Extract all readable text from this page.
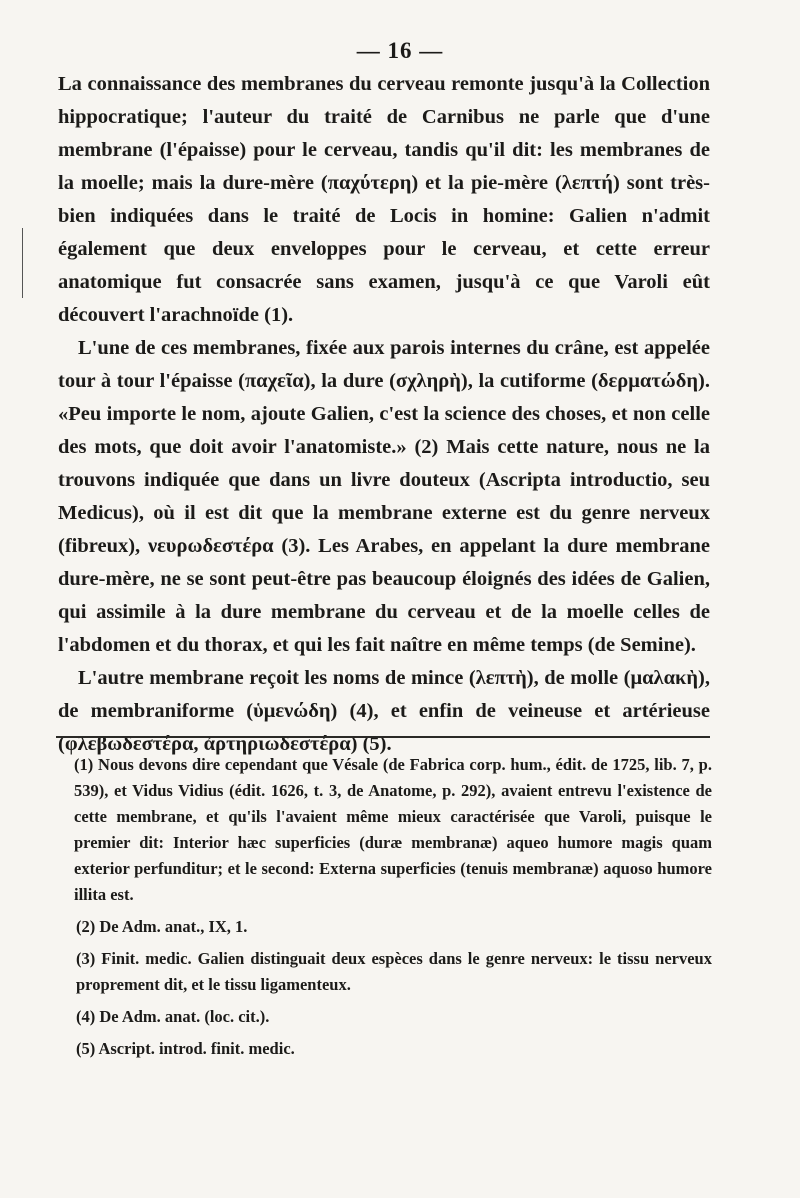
— 16 —

La connaissance des membranes du cerveau remonte jusqu'à la Collection hippocratique; l'auteur du traité de Carnibus ne parle que d'une membrane (l'épaisse) pour le cerveau, tandis qu'il dit: les membranes de la moelle; mais la dure-mère (παχύτερη) et la pie-mère (λεπτή) sont très-bien indiquées dans le traité de Locis in homine: Galien n'admit également que deux enveloppes pour le cerveau, et cette erreur anatomique fut consacrée sans examen, jusqu'à ce que Varoli eût découvert l'arachnoïde (1).

L'une de ces membranes, fixée aux parois internes du crâne, est appelée tour à tour l'épaisse (παχεῖα), la dure (σχληρὴ), la cutiforme (δερματώδη). «Peu importe le nom, ajoute Galien, c'est la science des choses, et non celle des mots, que doit avoir l'anatomiste.» (2) Mais cette nature, nous ne la trouvons indiquée que dans un livre douteux (Ascripta introductio, seu Medicus), où il est dit que la membrane externe est du genre nerveux (fibreux), νευρωδεστέρα (3). Les Arabes, en appelant la dure membrane dure-mère, ne se sont peut-être pas beaucoup éloignés des idées de Galien, qui assimile à la dure membrane du cerveau et de la moelle celles de l'abdomen et du thorax, et qui les fait naître en même temps (de Semine).

L'autre membrane reçoit les noms de mince (λεπτὴ), de molle (μαλακὴ), de membraniforme (ὑμενώδη) (4), et enfin de veineuse et artérieuse (φλεβωδεστέρα, ἀρτηριωδεστέρα) (5).

(1) Nous devons dire cependant que Vésale (de Fabrica corp. hum., édit. de 1725, lib. 7, p. 539), et Vidus Vidius (édit. 1626, t. 3, de Anatome, p. 292), avaient entrevu l'existence de cette membrane, et qu'ils l'avaient même mieux caractérisée que Varoli, puisque le premier dit: Interior hæc superficies (duræ membranæ) aqueo humore magis quam exterior perfunditur; et le second: Externa superficies (tenuis membranæ) aquoso humore illita est.

(2) De Adm. anat., IX, 1.

(3) Finit. medic. Galien distinguait deux espèces dans le genre nerveux: le tissu nerveux proprement dit, et le tissu ligamenteux.

(4) De Adm. anat. (loc. cit.).

(5) Ascript. introd. finit. medic.
